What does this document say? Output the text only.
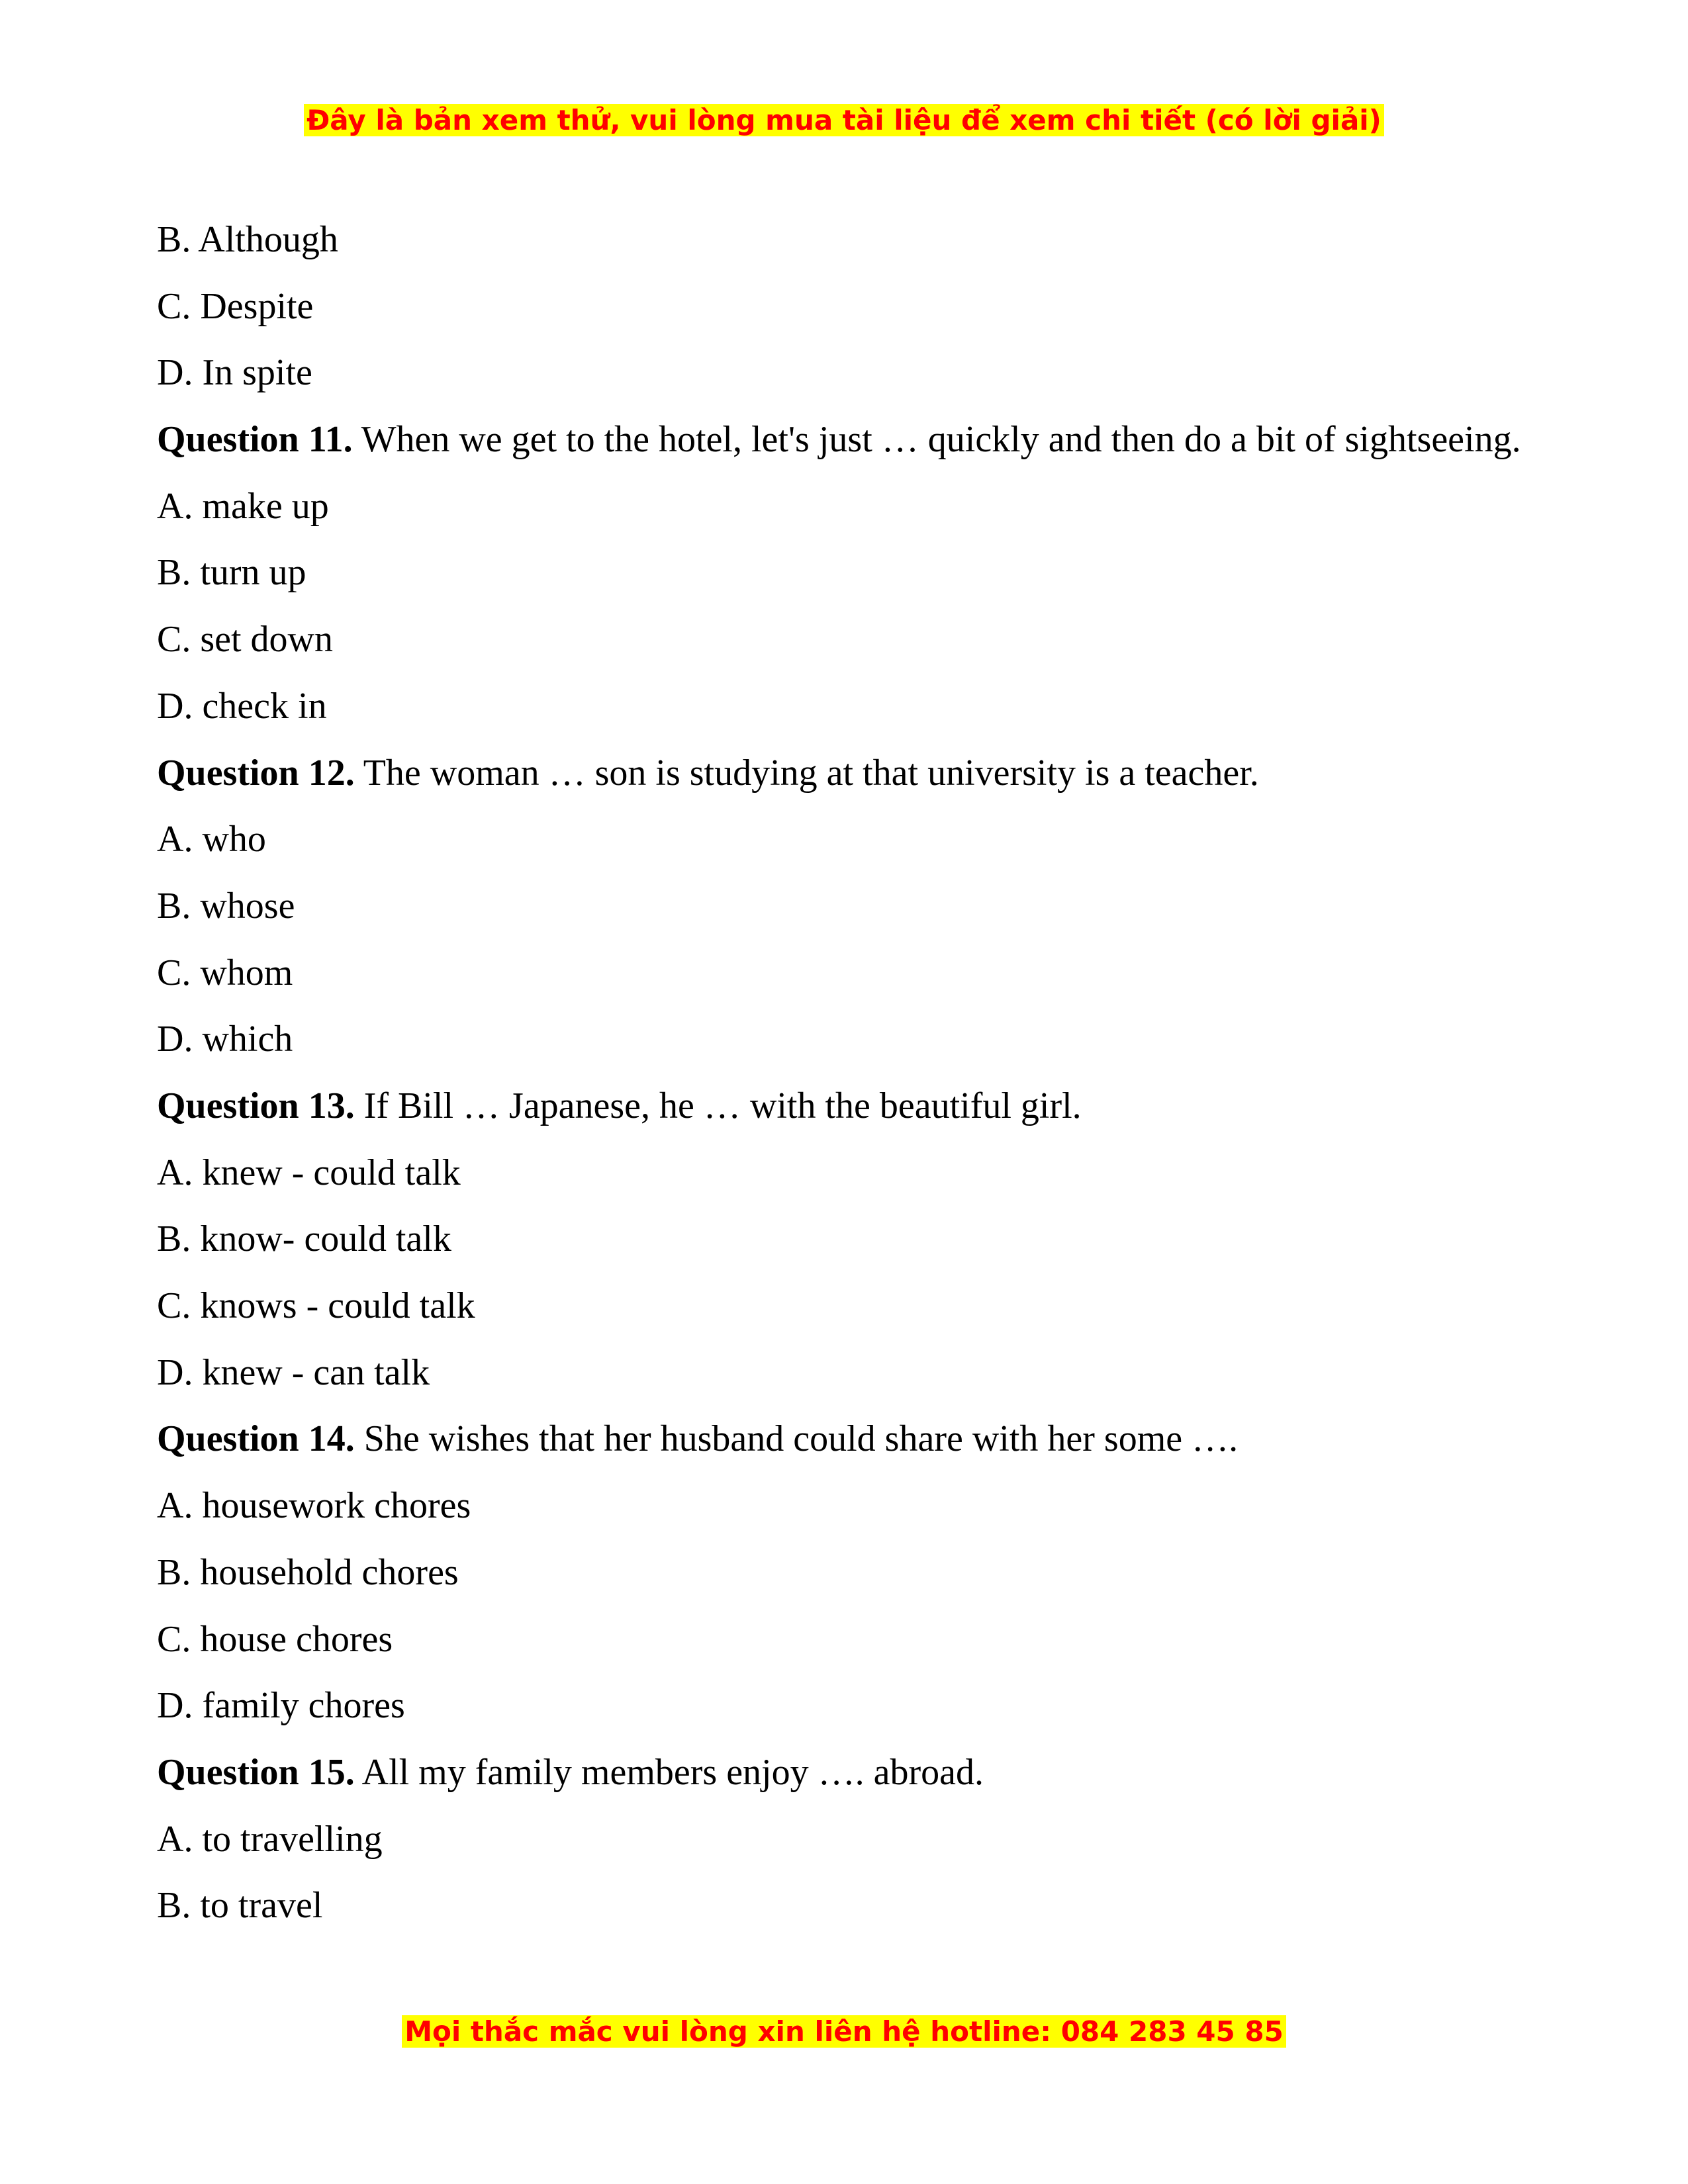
Đây là bản xem thử, vui lòng mua tài liệu để xem chi tiết (có lời giải)
B. Although
C. Despite
D. In spite
Question 11. When we get to the hotel, let's just … quickly and then do a bit of sightseeing.
A. make up
B. turn up
C. set down
D. check in
Question 12. The woman … son is studying at that university is a teacher.
A. who
B. whose
C. whom
D. which
Question 13. If Bill … Japanese, he … with the beautiful girl.
A. knew - could talk
B. know- could talk
C. knows - could talk
D. knew - can talk
Question 14. She wishes that her husband could share with her some ….
A. housework chores
B. household chores
C. house chores
D. family chores
Question 15. All my family members enjoy …. abroad.
A. to travelling
B. to travel
Mọi thắc mắc vui lòng xin liên hệ hotline: 084 283 45 85
